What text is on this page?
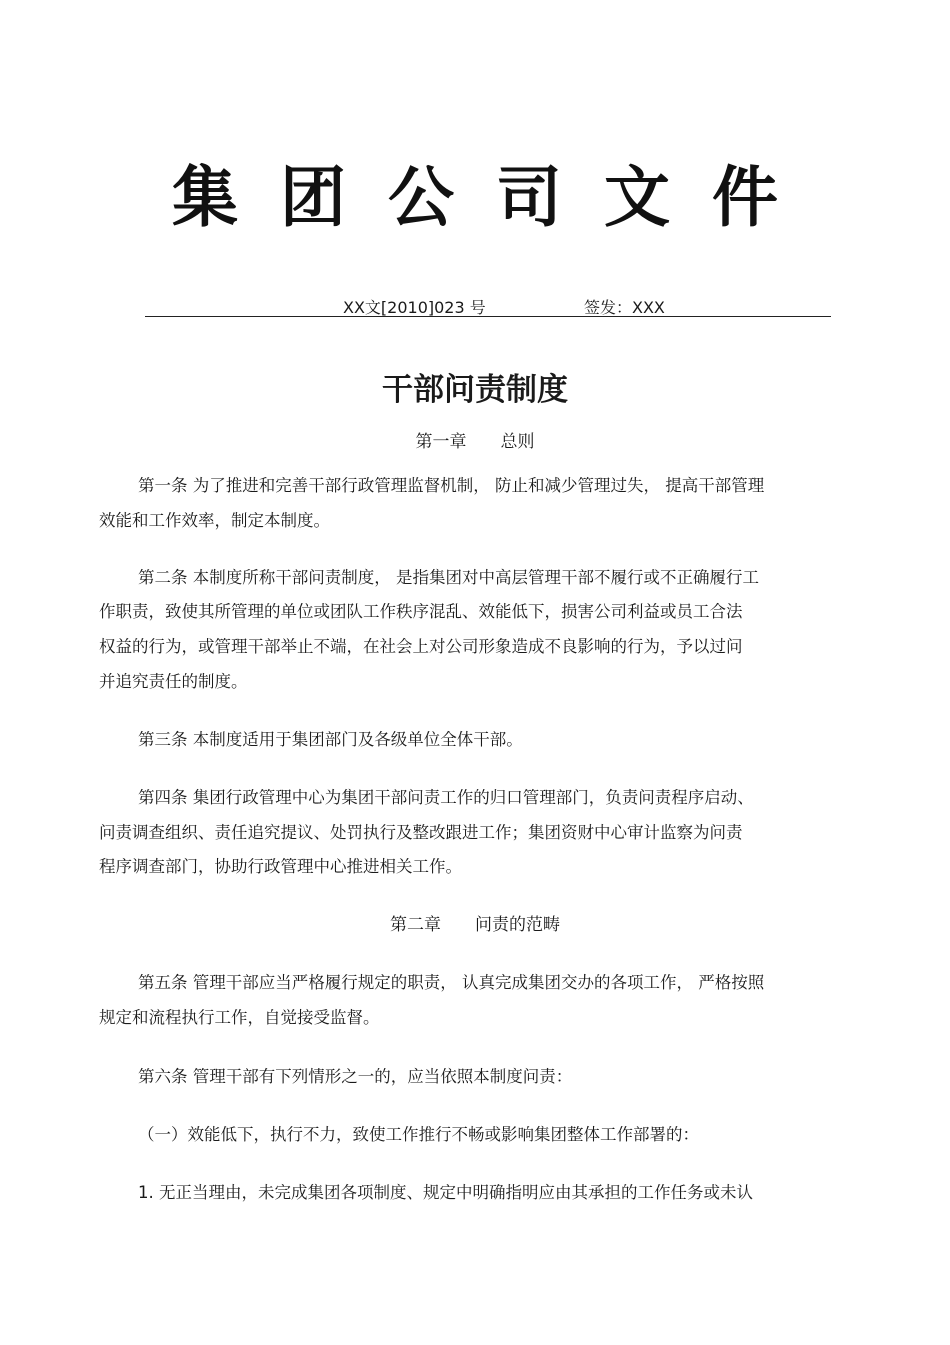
集团公司文件
XX文[2010]023 号	签发：XXX
干部问责制度
第一章 总则

第一条 为了推进和完善干部行政管理监督机制， 防止和减少管理过失， 提高干部管理

效能和工作效率，制定本制度。

第二条 本制度所称干部问责制度， 是指集团对中高层管理干部不履行或不正确履行工

作职责，致使其所管理的单位或团队工作秩序混乱、效能低下，损害公司利益或员工合法

权益的行为，或管理干部举止不端，在社会上对公司形象造成不良影响的行为，予以过问

并追究责任的制度。

第三条 本制度适用于集团部门及各级单位全体干部。

第四条 集团行政管理中心为集团干部问责工作的归口管理部门，负责问责程序启动、

问责调查组织、责任追究提议、处罚执行及整改跟进工作；集团资财中心审计监察为问责

程序调查部门，协助行政管理中心推进相关工作。

第二章 问责的范畴

第五条 管理干部应当严格履行规定的职责， 认真完成集团交办的各项工作， 严格按照

规定和流程执行工作，自觉接受监督。

第六条 管理干部有下列情形之一的，应当依照本制度问责：

（一）效能低下，执行不力，致使工作推行不畅或影响集团整体工作部署的：

1. 无正当理由，未完成集团各项制度、规定中明确指明应由其承担的工作任务或未认
